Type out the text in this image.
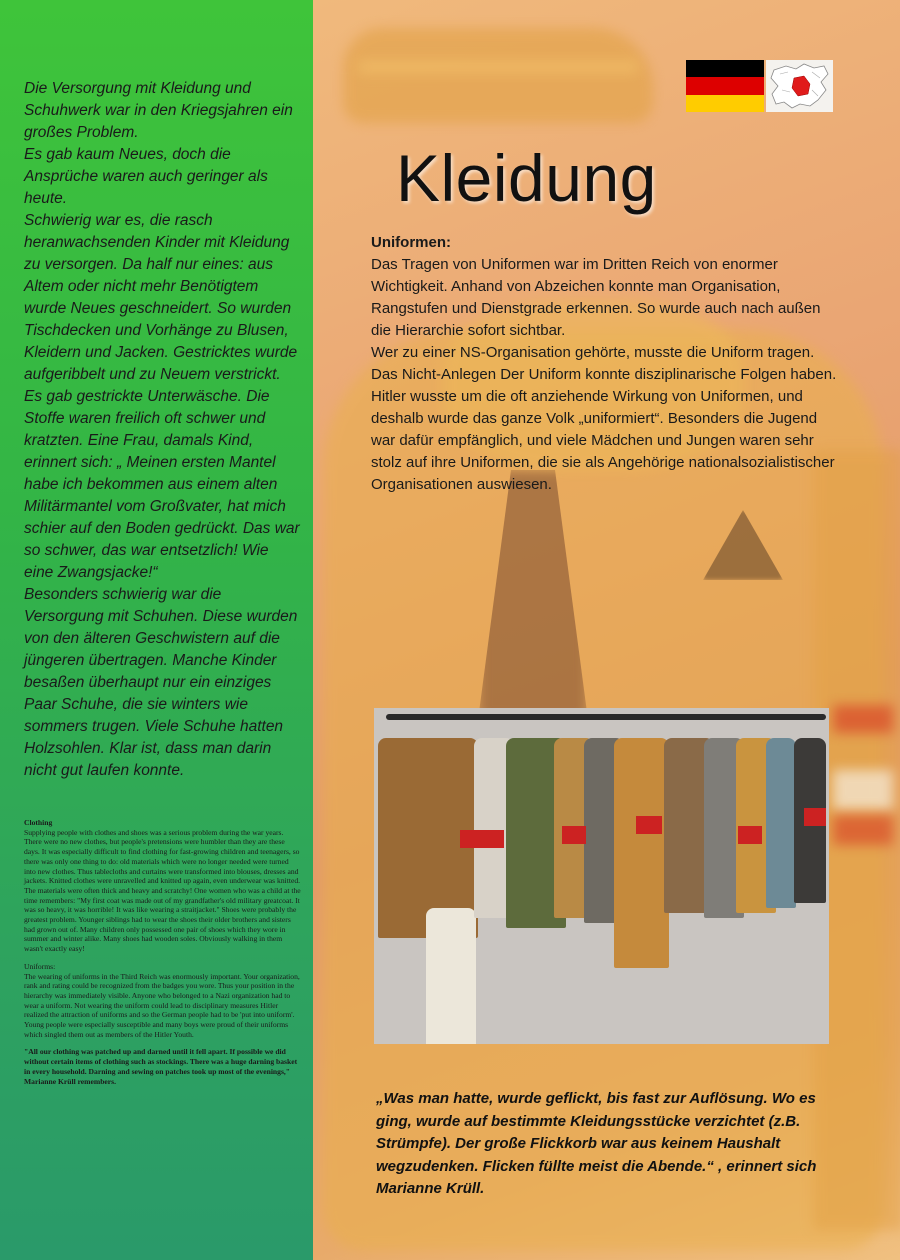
Die Versorgung mit Kleidung und Schuhwerk war in den Kriegsjahren ein großes Problem.

Es gab kaum Neues, doch die Ansprüche waren auch geringer als heute.

Schwierig war es, die rasch heranwachsenden Kinder mit Kleidung zu versorgen. Da half nur eines: aus Altem oder nicht mehr Benötigtem wurde Neues geschneidert. So wurden Tischdecken und Vorhänge zu Blusen, Kleidern und Jacken. Gestricktes wurde aufgeribbelt und zu Neuem verstrickt. Es gab gestrickte Unterwäsche. Die Stoffe waren freilich oft schwer und kratzten. Eine Frau, damals Kind, erinnert sich: „ Meinen ersten Mantel habe ich bekommen aus einem alten Militärmantel vom Großvater, hat mich schier auf den Boden gedrückt. Das war so schwer, das war entsetzlich! Wie eine Zwangsjacke!“

Besonders schwierig war die Versorgung mit Schuhen. Diese wurden von den älteren Geschwistern auf die jüngeren übertragen. Manche Kinder besaßen überhaupt nur ein einziges Paar Schuhe, die sie winters wie sommers trugen. Viele Schuhe hatten Holzsohlen. Klar ist, dass man darin nicht gut laufen konnte.

Clothing

Supplying people with clothes and shoes was a serious problem during the war years. There were no new clothes, but people's pretensions were humbler than they are these days. It was especially difficult to find clothing for fast-growing children and teenagers, so there was only one thing to do: old materials which were no longer needed were turned into new clothes. Thus tablecloths and curtains were transformed into blouses, dresses and jackets. Knitted clothes were unravelled and knitted up again, even underwear was knitted. The materials were often thick and heavy and scratchy! One women who was a child at the time remembers: "My first coat was made out of my grandfather's old military greatcoat. It was so heavy, it was horrible! It was like wearing a straitjacket." Shoes were probably the greatest problem. Younger siblings had to wear the shoes their older brothers and sisters had grown out of. Many children only possessed one pair of shoes which they wore in summer and winter alike. Many shoes had wooden soles. Obviously walking in them wasn't exactly easy!

Uniforms:

The wearing of uniforms in the Third Reich was enormously important. Your organization, rank and rating could be recognized from the badges you wore. Thus your position in the hierarchy was immediately visible. Anyone who belonged to a Nazi organization had to wear a uniform. Not wearing the uniform could lead to disciplinary measures Hitler realized the attraction of uniforms and so the German people had to be 'put into uniform'. Young people were especially susceptible and many boys were proud of their uniforms which singled them out as members of the Hitler Youth.

"All our clothing was patched up and darned until it fell apart. If possible we did without certain items of clothing such as stockings. There was a huge darning basket in every household. Darning and sewing on patches took up most of the evenings," Marianne Krüll remembers.

Kleidung

Uniformen:

Das Tragen von Uniformen war im Dritten Reich von enormer Wichtigkeit. Anhand von Abzeichen konnte man Organisation, Rangstufen und Dienstgrade erkennen. So wurde auch nach außen die Hierarchie sofort sichtbar.

Wer zu einer NS-Organisation gehörte, musste die Uniform tragen. Das Nicht-Anlegen Der Uniform konnte disziplinarische Folgen haben.

Hitler wusste um die oft anziehende Wirkung von Uniformen, und deshalb wurde das ganze Volk „uniformiert“. Besonders die Jugend war dafür empfänglich, und viele Mädchen und Jungen waren sehr stolz auf ihre Uniformen, die sie als Angehörige nationalsozialistischer Organisationen auswiesen.

„Was man hatte, wurde geflickt, bis fast zur Auflösung. Wo es ging, wurde auf bestimmte Kleidungsstücke verzichtet (z.B. Strümpfe). Der große Flickkorb war aus keinem Haushalt wegzudenken. Flicken füllte meist die Abende.“ , erinnert sich Marianne Krüll.
